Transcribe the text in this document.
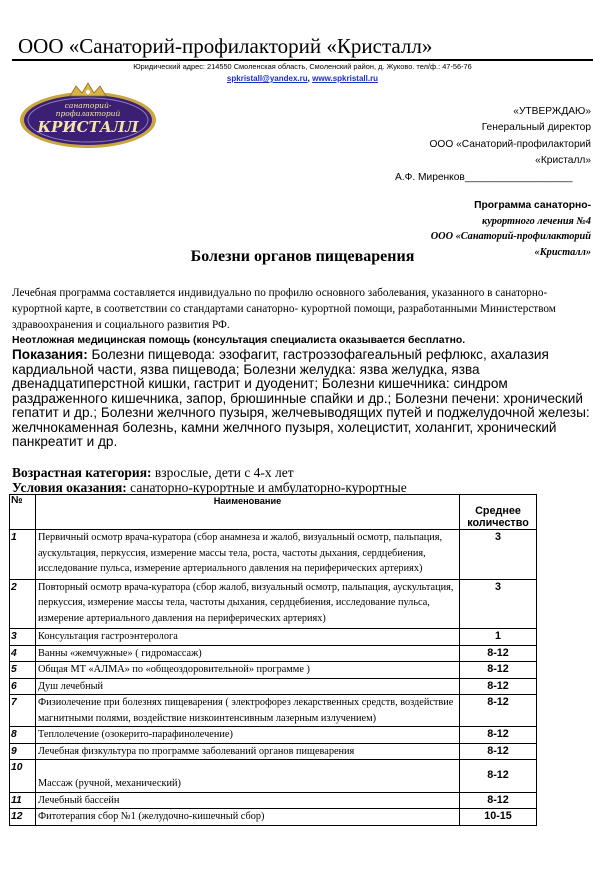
ООО «Санаторий-профилакторий «Кристалл»
Юридический адрес: 214550 Смоленская область, Смоленский район, д. Жуково. тел/ф.: 47-56-76
spkristall@yandex.ru, www.spkristall.ru
санаторий-
профилакторий
КРИСТАЛЛ
«УТВЕРЖДАЮ»
Генеральный директор
ООО «Санаторий-профилакторий
«Кристалл»
А.Ф. Миренков___________________
Программа санаторно-
курортного лечения №4
ООО «Санаторий-профилакторий
«Кристалл»
Болезни органов пищеварения
Лечебная программа составляется индивидуально по профилю основного заболевания, указанного в санаторно-курортной карте, в соответствии со стандартами санаторно- курортной помощи, разработанными Министерством здравоохранения и социального развития РФ.
Неотложная медицинская помощь (консультация специалиста оказывается бесплатно.
Показания: Болезни пищевода: эзофагит, гастроэзофагеальный рефлюкс, ахалазия кардиальной части, язва пищевода; Болезни желудка: язва желудка, язва двенадцатиперстной кишки, гастрит и дуоденит; Болезни кишечника: синдром раздраженного кишечника, запор, брюшинные спайки и др.; Болезни печени: хронический гепатит и др.; Болезни желчного пузыря, желчевыводящих путей и поджелудочной железы: желчнокаменная болезнь, камни желчного пузыря, холецистит, холангит, хронический панкреатит и др.
Возрастная категория: взрослые, дети с 4-х лет
Условия оказания: санаторно-курортные и амбулаторно-курортные
№	Наименование	Среднее
количество

1	Первичный осмотр врача-куратора (сбор анамнеза и жалоб, визуальный осмотр, пальпация, аускультация, перкуссия, измерение массы тела, роста, частоты дыхания, сердцебиения, исследование пульса, измерение артериального давления на периферических артериях)	3
2	Повторный осмотр врача-куратора (сбор жалоб, визуальный осмотр, пальпация, аускультация, перкуссия, измерение массы тела, частоты дыхания, сердцебиения, исследование пульса, измерение артериального давления на периферических артериях)	3
3	Консультация гастроэнтеролога	1
4	Ванны «жемчужные» ( гидромассаж)	8-12
5	Общая МТ «АЛМА» по «общеоздоровительной» программе )	8-12
6	Душ лечебный	8-12
7	Физиолечение при болезнях пищеварения ( электрофорез лекарственных средств, воздействие магнитными полями, воздействие низкоинтенсивным лазерным излучением)	8-12
8	Теплолечение (озокерито-парафинолечение)	8-12
9	Лечебная физкультура по программе заболеваний органов пищеварения	8-12
10	Массаж (ручной, механический)	8-12
11	Лечебный бассейн	8-12
12	Фитотерапия сбор №1 (желудочно-кишечный сбор)	10-15
